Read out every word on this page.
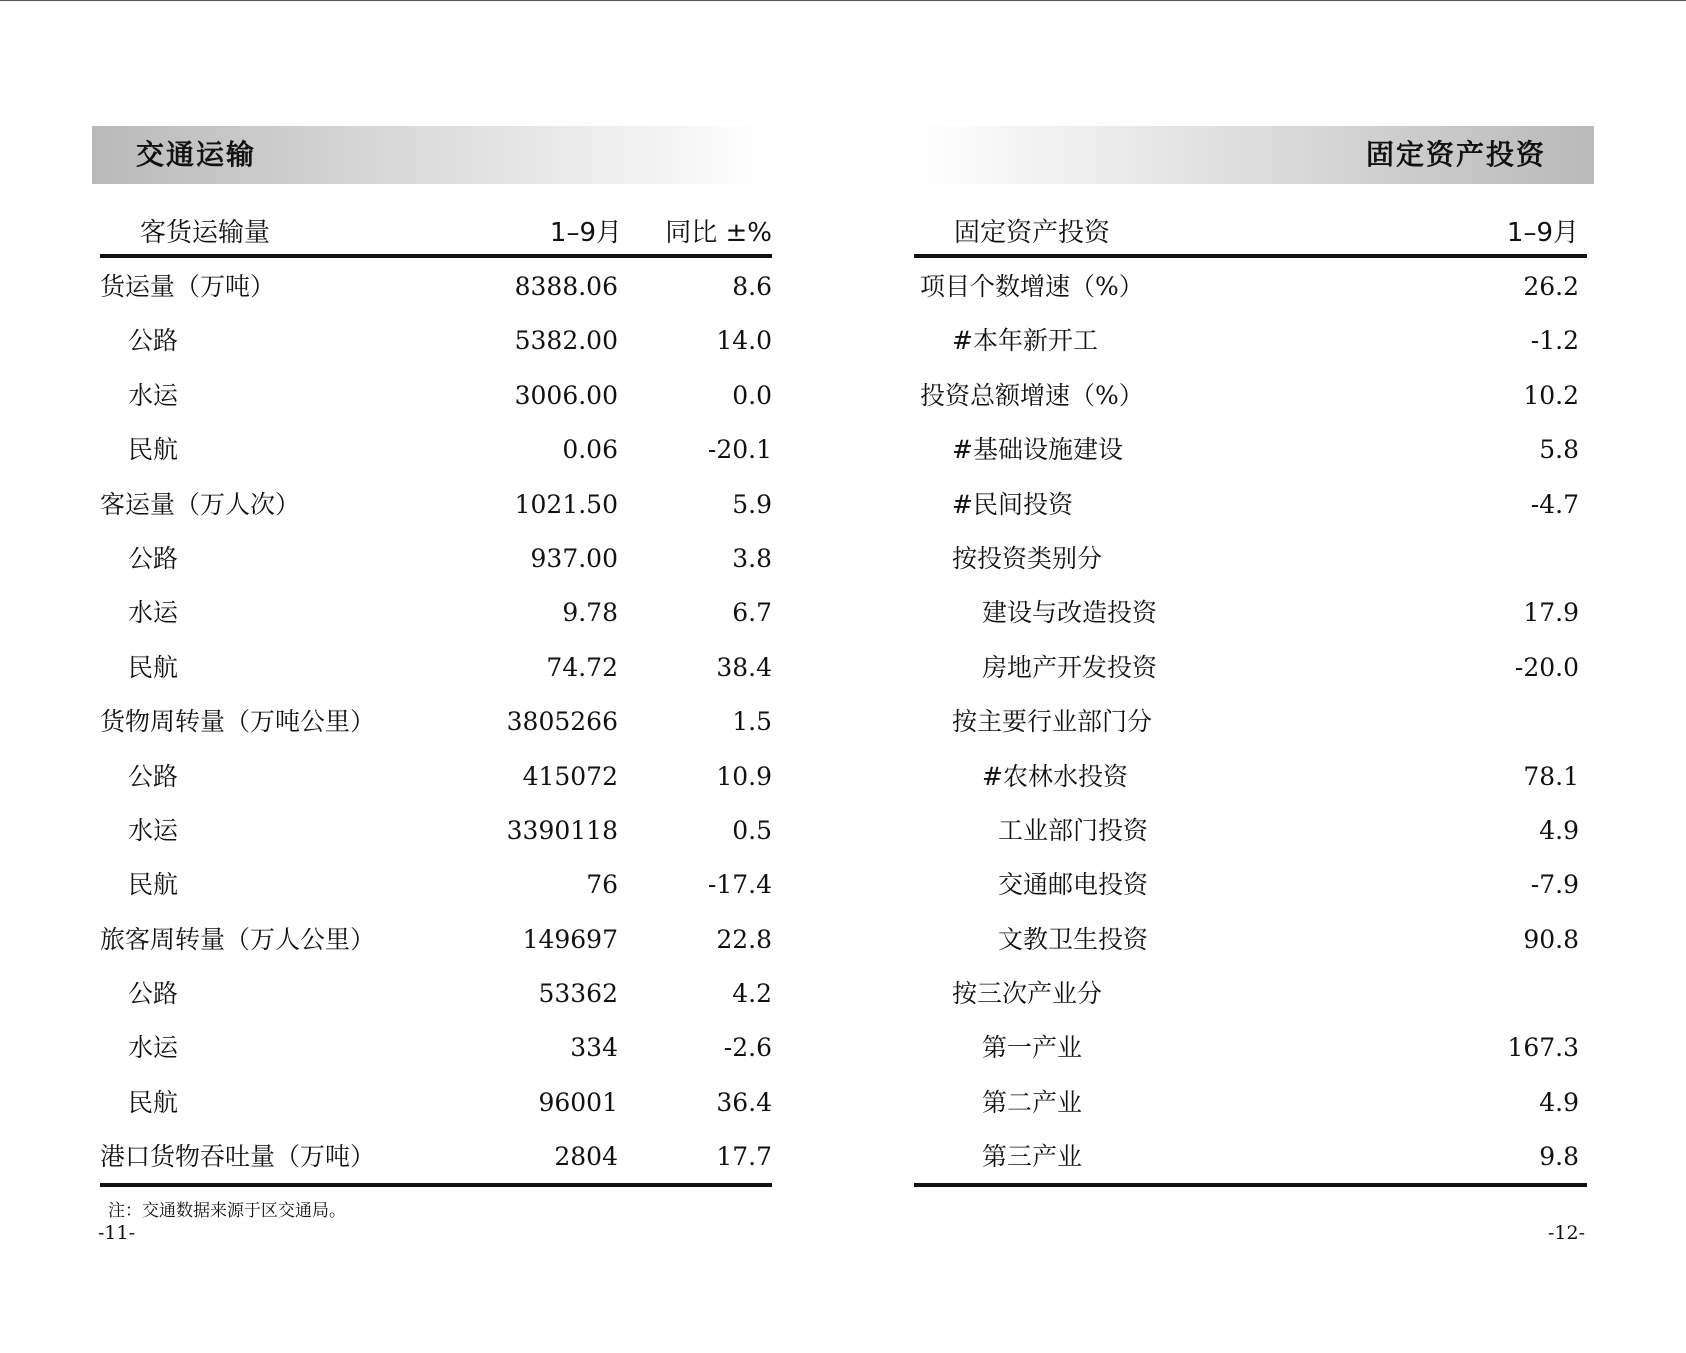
交通运输	固定资产投资
客货运输量	1–9月 同比 ±%
货运量（万吨）	8388.06	8.6
公路	5382.00	14.0
水运	3006.00	0.0
民航	0.06	-20.1
客运量（万人次）	1021.50	5.9
公路	937.00	3.8
水运	9.78	6.7
民航	74.72	38.4
货物周转量（万吨公里）	3805266	1.5
公路	415072	10.9
水运	3390118	0.5
民航	76	-17.4
旅客周转量（万人公里）	149697	22.8
公路	53362	4.2
水运	334	-2.6
民航	96001	36.4
港口货物吞吐量（万吨）	2804	17.7
固定资产投资	1–9月
项目个数增速（%）	26.2
#本年新开工	-1.2
投资总额增速（%）	10.2
#基础设施建设	5.8
#民间投资	-4.7
按投资类别分
建设与改造投资	17.9
房地产开发投资	-20.0
按主要行业部门分
#农林水投资	78.1
工业部门投资	4.9
交通邮电投资	-7.9
文教卫生投资	90.8
按三次产业分
第一产业	167.3
第二产业	4.9
第三产业	9.8
注：交通数据来源于区交通局。
-11-	-12-
